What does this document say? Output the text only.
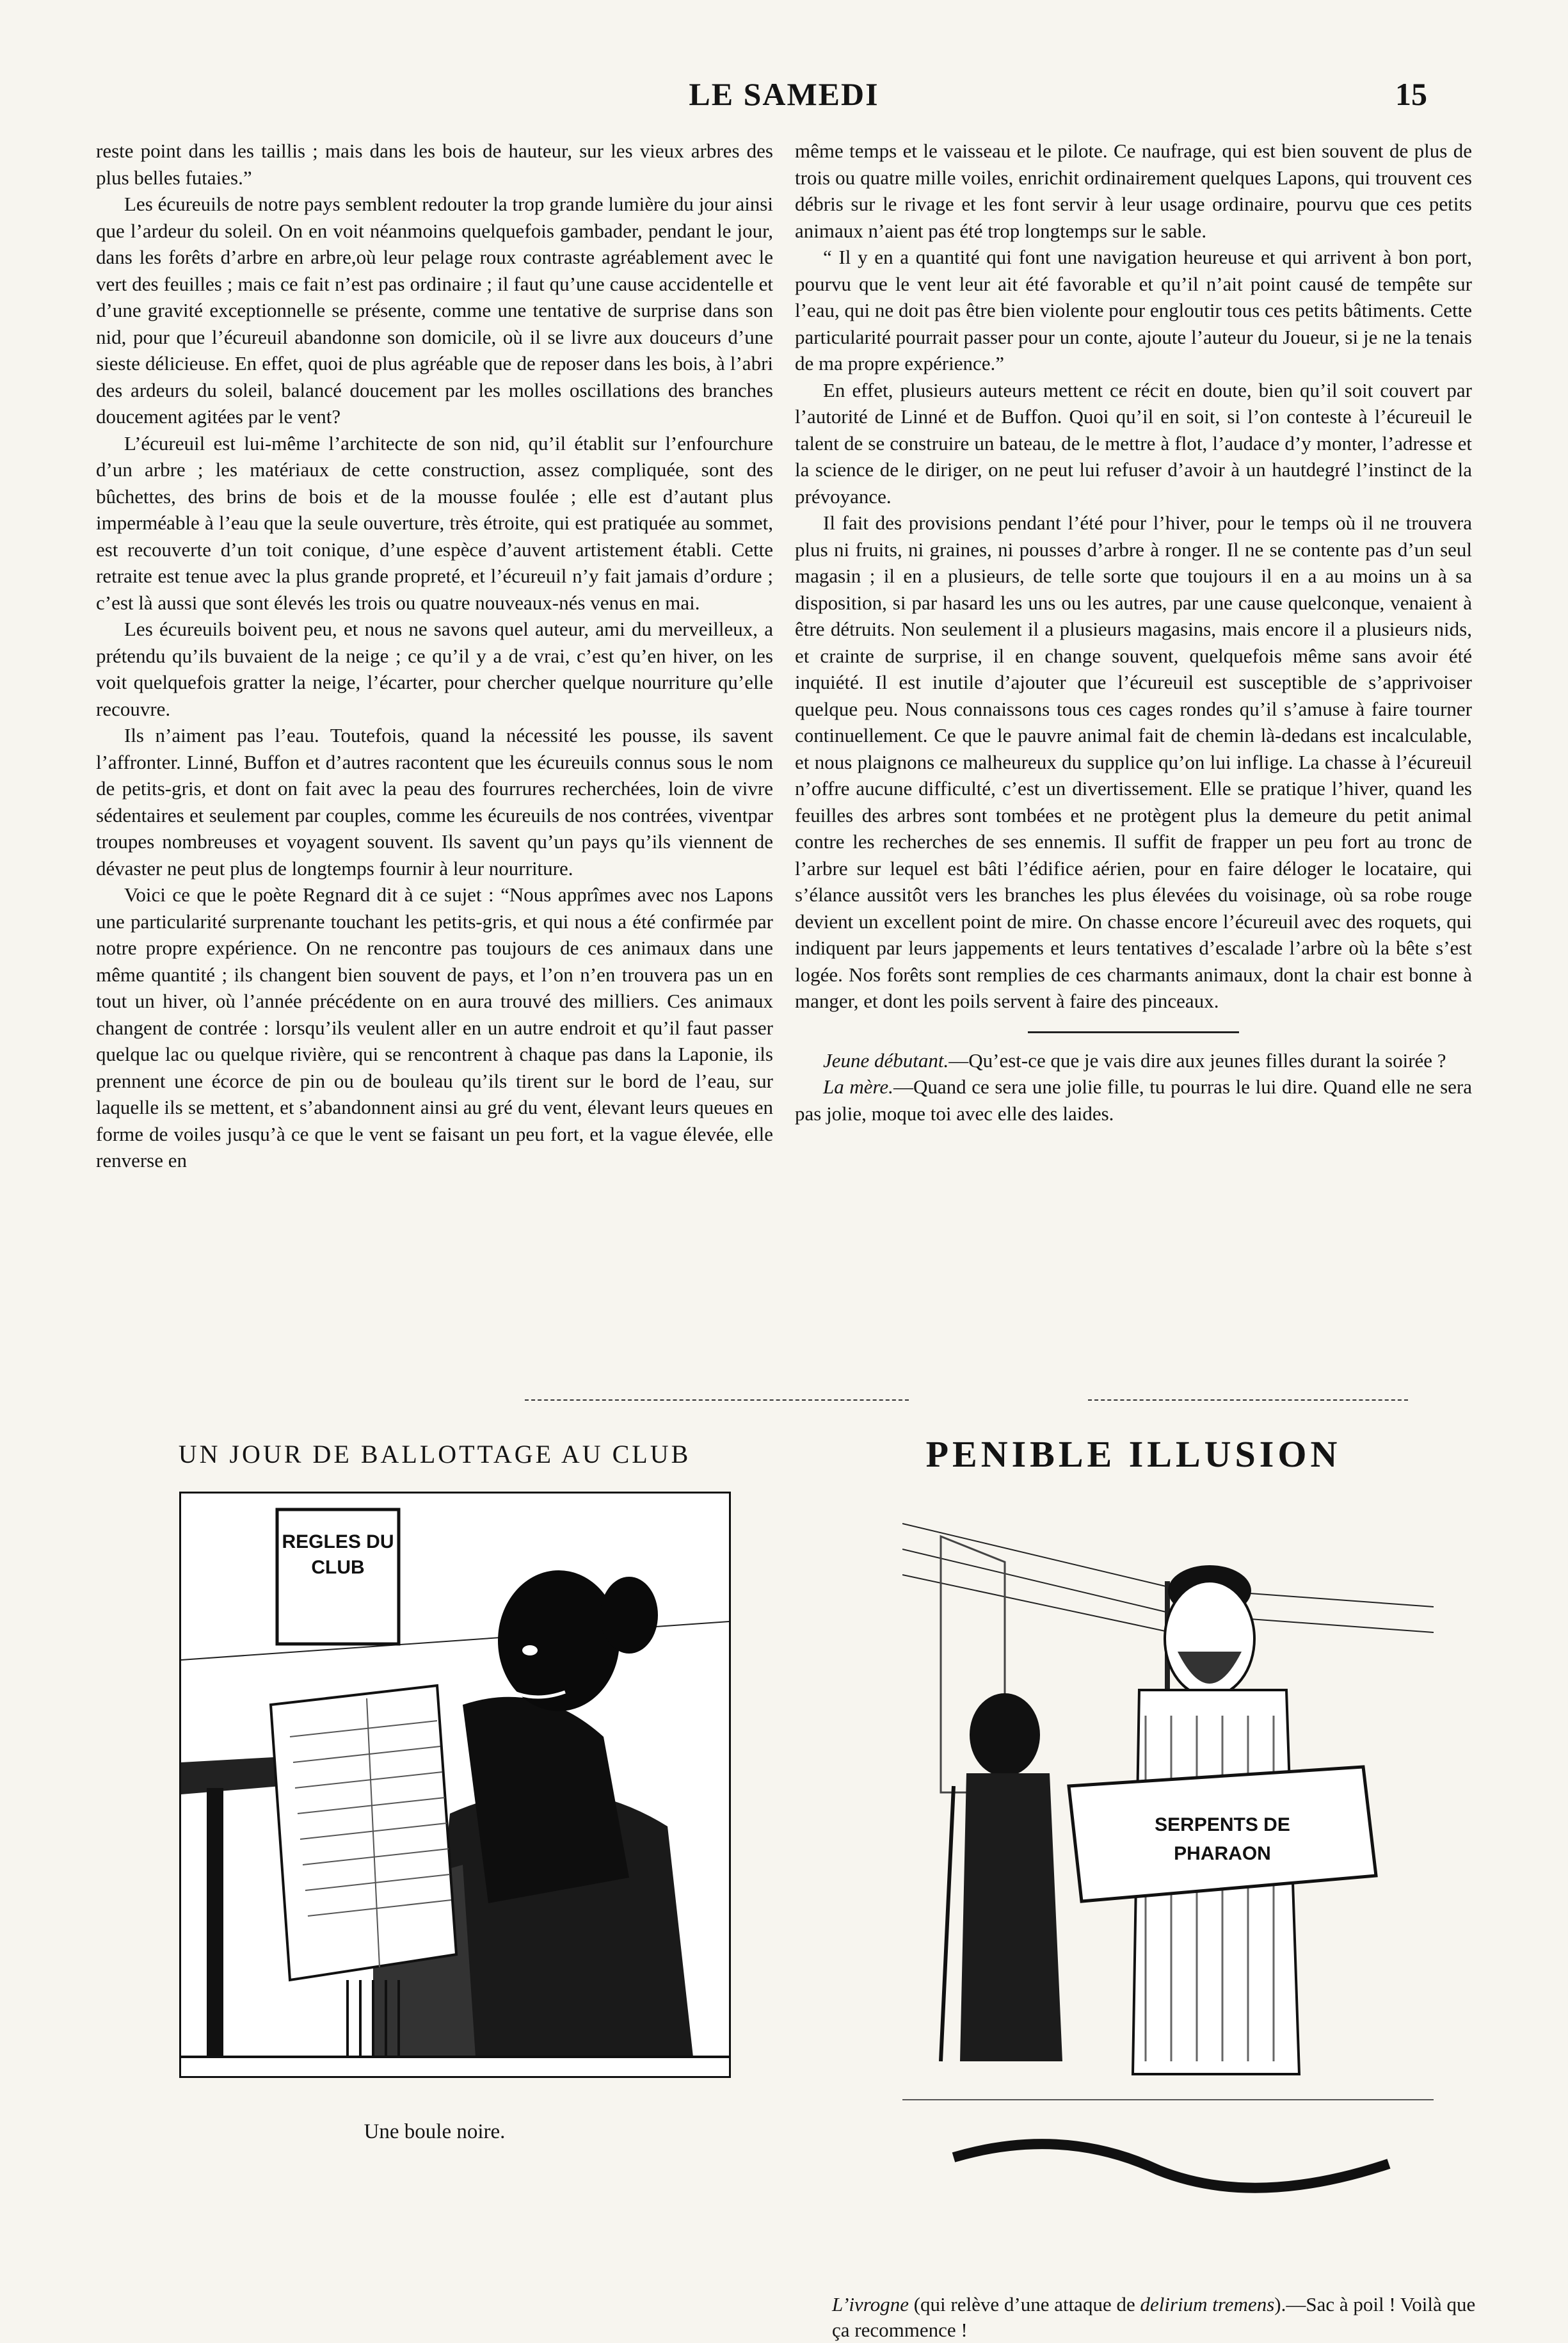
LE SAMEDI	15

reste point dans les taillis ; mais dans les bois de hauteur, sur les vieux arbres des plus belles futaies.”

Les écureuils de notre pays semblent redouter la trop grande lumière du jour ainsi que l’ardeur du soleil. On en voit néanmoins quelquefois gambader, pendant le jour, dans les forêts d’arbre en arbre,où leur pelage roux contraste agréablement avec le vert des feuilles ; mais ce fait n’est pas ordinaire ; il faut qu’une cause accidentelle et d’une gravité exceptionnelle se présente, comme une tentative de surprise dans son nid, pour que l’écureuil abandonne son domicile, où il se livre aux douceurs d’une sieste délicieuse. En effet, quoi de plus agréable que de reposer dans les bois, à l’abri des ardeurs du soleil, balancé doucement par les molles oscillations des branches doucement agitées par le vent?

L’écureuil est lui-même l’architecte de son nid, qu’il établit sur l’enfourchure d’un arbre ; les matériaux de cette construction, assez compliquée, sont des bûchettes, des brins de bois et de la mousse foulée ; elle est d’autant plus imperméable à l’eau que la seule ouverture, très étroite, qui est pratiquée au sommet, est recouverte d’un toit conique, d’une espèce d’auvent artistement établi. Cette retraite est tenue avec la plus grande propreté, et l’écureuil n’y fait jamais d’ordure ; c’est là aussi que sont élevés les trois ou quatre nouveaux-nés venus en mai.

Les écureuils boivent peu, et nous ne savons quel auteur, ami du merveilleux, a prétendu qu’ils buvaient de la neige ; ce qu’il y a de vrai, c’est qu’en hiver, on les voit quelquefois gratter la neige, l’écarter, pour chercher quelque nourriture qu’elle recouvre.

Ils n’aiment pas l’eau. Toutefois, quand la nécessité les pousse, ils savent l’affronter. Linné, Buffon et d’autres racontent que les écureuils connus sous le nom de petits-gris, et dont on fait avec la peau des fourrures recherchées, loin de vivre sédentaires et seulement par couples, comme les écureuils de nos contrées, viventpar troupes nombreuses et voyagent souvent. Ils savent qu’un pays qu’ils viennent de dévaster ne peut plus de longtemps fournir à leur nourriture.

Voici ce que le poète Regnard dit à ce sujet : “Nous apprîmes avec nos Lapons une particularité surprenante touchant les petits-gris, et qui nous a été confirmée par notre propre expérience. On ne rencontre pas toujours de ces animaux dans une même quantité ; ils changent bien souvent de pays, et l’on n’en trouvera pas un en tout un hiver, où l’année précédente on en aura trouvé des milliers. Ces animaux changent de contrée : lorsqu’ils veulent aller en un autre endroit et qu’il faut passer quelque lac ou quelque rivière, qui se rencontrent à chaque pas dans la Laponie, ils prennent une écorce de pin ou de bouleau qu’ils tirent sur le bord de l’eau, sur laquelle ils se mettent, et s’abandonnent ainsi au gré du vent, élevant leurs queues en forme de voiles jusqu’à ce que le vent se faisant un peu fort, et la vague élevée, elle renverse en

même temps et le vaisseau et le pilote. Ce naufrage, qui est bien souvent de plus de trois ou quatre mille voiles, enrichit ordinairement quelques Lapons, qui trouvent ces débris sur le rivage et les font servir à leur usage ordinaire, pourvu que ces petits animaux n’aient pas été trop longtemps sur le sable.

“ Il y en a quantité qui font une navigation heureuse et qui arrivent à bon port, pourvu que le vent leur ait été favorable et qu’il n’ait point causé de tempête sur l’eau, qui ne doit pas être bien violente pour engloutir tous ces petits bâtiments. Cette particularité pourrait passer pour un conte, ajoute l’auteur du Joueur, si je ne la tenais de ma propre expérience.”

En effet, plusieurs auteurs mettent ce récit en doute, bien qu’il soit couvert par l’autorité de Linné et de Buffon. Quoi qu’il en soit, si l’on conteste à l’écureuil le talent de se construire un bateau, de le mettre à flot, l’audace d’y monter, l’adresse et la science de le diriger, on ne peut lui refuser d’avoir à un hautdegré l’instinct de la prévoyance.

Il fait des provisions pendant l’été pour l’hiver, pour le temps où il ne trouvera plus ni fruits, ni graines, ni pousses d’arbre à ronger. Il ne se contente pas d’un seul magasin ; il en a plusieurs, de telle sorte que toujours il en a au moins un à sa disposition, si par hasard les uns ou les autres, par une cause quelconque, venaient à être détruits. Non seulement il a plusieurs magasins, mais encore il a plusieurs nids, et crainte de surprise, il en change souvent, quelquefois même sans avoir été inquiété. Il est inutile d’ajouter que l’écureuil est susceptible de s’apprivoiser quelque peu. Nous connaissons tous ces cages rondes qu’il s’amuse à faire tourner continuellement. Ce que le pauvre animal fait de chemin là-dedans est incalculable, et nous plaignons ce malheureux du supplice qu’on lui inflige. La chasse à l’écureuil n’offre aucune difficulté, c’est un divertissement. Elle se pratique l’hiver, quand les feuilles des arbres sont tombées et ne protègent plus la demeure du petit animal contre les recherches de ses ennemis. Il suffit de frapper un peu fort au tronc de l’arbre sur lequel est bâti l’édifice aérien, pour en faire déloger le locataire, qui s’élance aussitôt vers les branches les plus élevées du voisinage, où sa robe rouge devient un excellent point de mire. On chasse encore l’écureuil avec des roquets, qui indiquent par leurs jappements et leurs tentatives d’escalade l’arbre où la bête s’est logée. Nos forêts sont remplies de ces charmants animaux, dont la chair est bonne à manger, et dont les poils servent à faire des pinceaux.

Jeune débutant.—Qu’est-ce que je vais dire aux jeunes filles durant la soirée ?

La mère.—Quand ce sera une jolie fille, tu pourras le lui dire. Quand elle ne sera pas jolie, moque toi avec elle des laides.

UN JOUR DE BALLOTTAGE AU CLUB
REGLES DU
CLUB
Une boule noire.
PENIBLE ILLUSION
SERPENTS DE
PHARAON
L’ivrogne (qui relève d’une attaque de delirium tremens).—Sac à poil ! Voilà que ça recommence !
